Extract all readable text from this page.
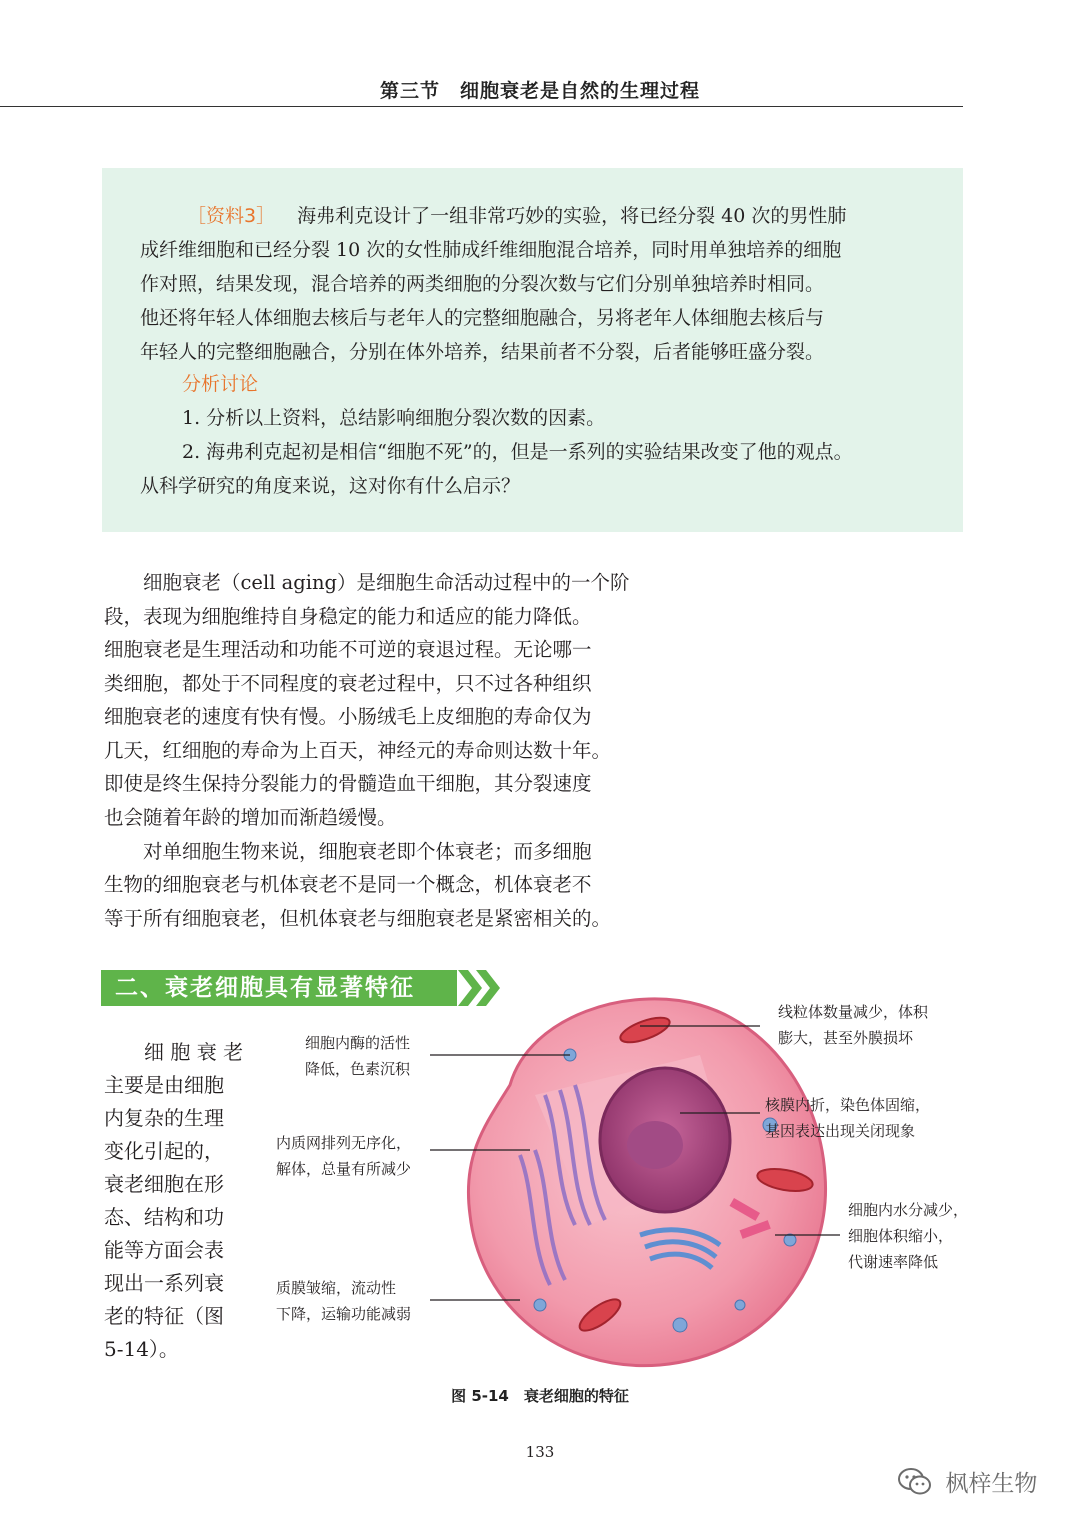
第三节　细胞衰老是自然的生理过程
［资料3］ 海弗利克设计了一组非常巧妙的实验，将已经分裂 40 次的男性肺
成纤维细胞和已经分裂 10 次的女性肺成纤维细胞混合培养，同时用单独培养的细胞
作对照，结果发现，混合培养的两类细胞的分裂次数与它们分别单独培养时相同。
他还将年轻人体细胞去核后与老年人的完整细胞融合，另将老年人体细胞去核后与
年轻人的完整细胞融合，分别在体外培养，结果前者不分裂，后者能够旺盛分裂。
分析讨论
1. 分析以上资料，总结影响细胞分裂次数的因素。
2. 海弗利克起初是相信“细胞不死”的，但是一系列的实验结果改变了他的观点。
从科学研究的角度来说，这对你有什么启示？
　　细胞衰老（cell aging）是细胞生命活动过程中的一个阶
段，表现为细胞维持自身稳定的能力和适应的能力降低。
细胞衰老是生理活动和功能不可逆的衰退过程。无论哪一
类细胞，都处于不同程度的衰老过程中，只不过各种组织
细胞衰老的速度有快有慢。小肠绒毛上皮细胞的寿命仅为
几天，红细胞的寿命为上百天，神经元的寿命则达数十年。
即使是终生保持分裂能力的骨髓造血干细胞，其分裂速度
也会随着年龄的增加而渐趋缓慢。
　　对单细胞生物来说，细胞衰老即个体衰老；而多细胞
生物的细胞衰老与机体衰老不是同一个概念，机体衰老不
等于所有细胞衰老，但机体衰老与细胞衰老是紧密相关的。
二、衰老细胞具有显著特征
　　细 胞 衰 老
主要是由细胞
内复杂的生理
变化引起的，
衰老细胞在形
态、结构和功
能等方面会表
现出一系列衰
老的特征（图
5-14）。
细胞内酶的活性
降低，色素沉积
内质网排列无序化，
解体，总量有所减少
质膜皱缩，流动性
下降，运输功能减弱
线粒体数量减少，体积
膨大，甚至外膜损坏
核膜内折，染色体固缩，
基因表达出现关闭现象
细胞内水分减少，
细胞体积缩小，
代谢速率降低
图 5-14　衰老细胞的特征
133
枫梓生物
